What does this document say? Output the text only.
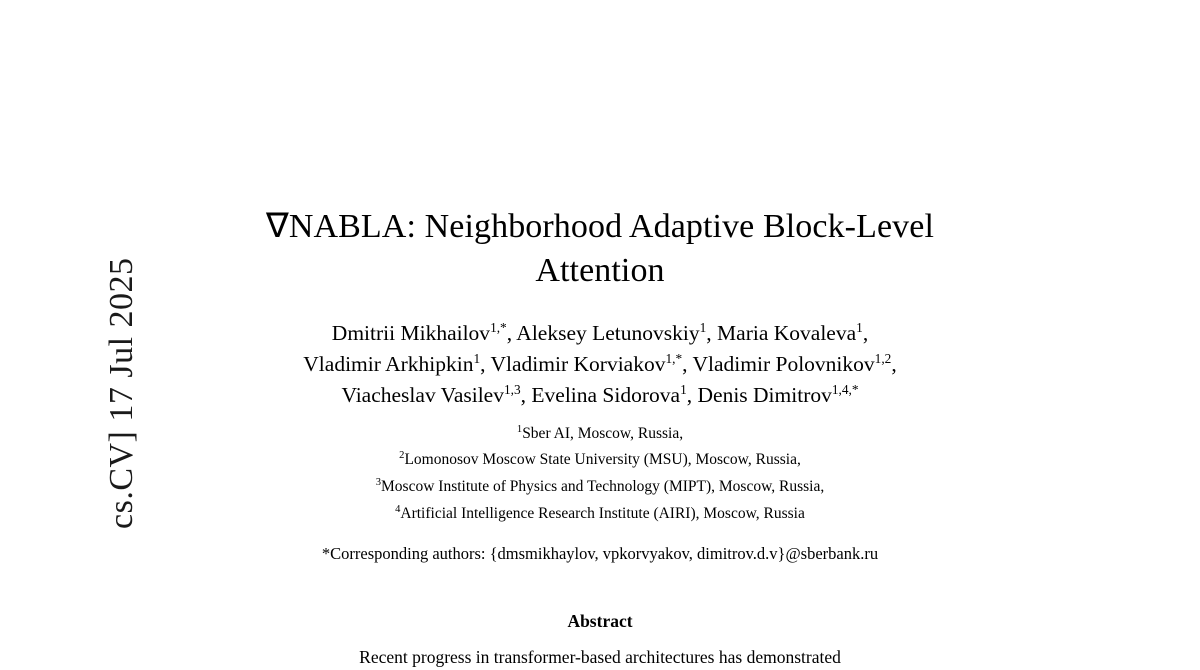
cs.CV] 17 Jul 2025
∇NABLA: Neighborhood Adaptive Block-Level Attention
Dmitrii Mikhailov$^{1,*}$, Aleksey Letunovskiy$^1$, Maria Kovaleva$^1$,
Vladimir Arkhipkin$^1$, Vladimir Korviakov$^{1,*}$, Vladimir Polovnikov$^{1,2}$,
Viacheslav Vasilev$^{1,3}$, Evelina Sidorova$^1$, Denis Dimitrov$^{1,4,*}$
$^1$Sber AI, Moscow, Russia,
$^2$Lomonosov Moscow State University (MSU), Moscow, Russia,
$^3$Moscow Institute of Physics and Technology (MIPT), Moscow, Russia,
$^4$Artificial Intelligence Research Institute (AIRI), Moscow, Russia
*Corresponding authors: {dmsmikhaylov, vpkorvyakov, dimitrov.d.v}@sberbank.ru
Abstract
Recent progress in transformer-based architectures has demonstrated
